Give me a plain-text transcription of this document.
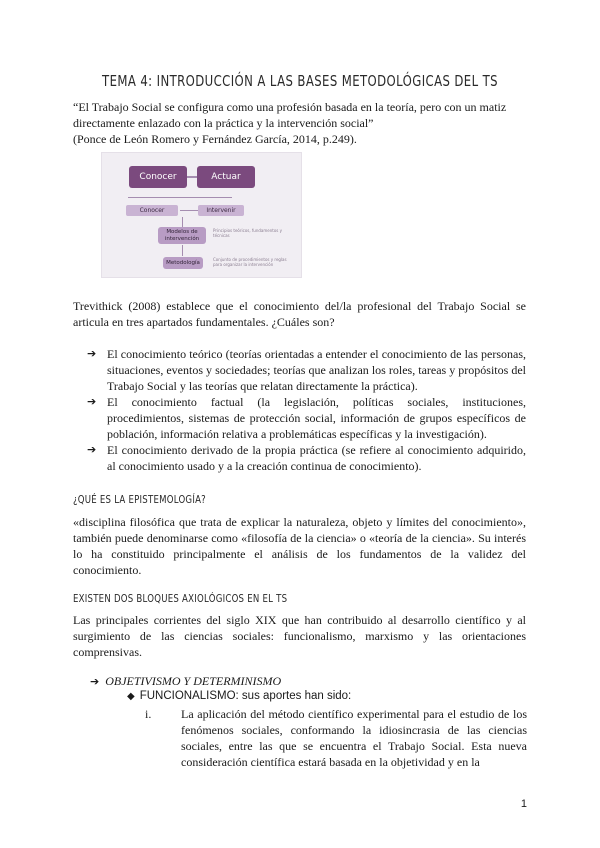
TEMA 4: INTRODUCCIÓN A LAS BASES METODOLÓGICAS DEL TS

“El Trabajo Social se configura como una profesión basada en la teoría, pero con un matiz directamente enlazado con la práctica y la intervención social”

(Ponce de León Romero y Fernández García, 2014, p.249).

Conocer	Actuar
Conocer	Intervenir
Modelos de intervención
Principios teóricos, fundamentos y técnicas
Metodología
Conjunto de procedimientos y reglas para organizar la intervención
Trevithick (2008) establece que el conocimiento del/la profesional del Trabajo Social se articula en tres apartados fundamentales. ¿Cuáles son?
➔ El conocimiento teórico (teorías orientadas a entender el conocimiento de las personas, situaciones, eventos y sociedades; teorías que analizan los roles, tareas y propósitos del Trabajo Social y las teorías que relatan directamente la práctica).
➔ El conocimiento factual (la legislación, políticas sociales, instituciones, procedimientos, sistemas de protección social, información de grupos específicos de población, información relativa a problemáticas específicas y la investigación).
➔ El conocimiento derivado de la propia práctica (se refiere al conocimiento adquirido, al conocimiento usado y a la creación continua de conocimiento).
¿QUÉ ES LA EPISTEMOLOGÍA?
«disciplina filosófica que trata de explicar la naturaleza, objeto y límites del conocimiento», también puede denominarse como «filosofía de la ciencia» o «teoría de la ciencia». Su interés lo ha constituido principalmente el análisis de los fundamentos de la validez del conocimiento.
EXISTEN DOS BLOQUES AXIOLÓGICOS EN EL TS
Las principales corrientes del siglo XIX que han contribuido al desarrollo científico y al surgimiento de las ciencias sociales: funcionalismo, marxismo y las orientaciones comprensivas.
➔ OBJETIVISMO Y DETERMINISMO
◆ FUNCIONALISMO: sus aportes han sido:
i. La aplicación del método científico experimental para el estudio de los fenómenos sociales, conformando la idiosincrasia de las ciencias sociales, entre las que se encuentra el Trabajo Social. Esta nueva consideración científica estará basada en la objetividad y en la
1
